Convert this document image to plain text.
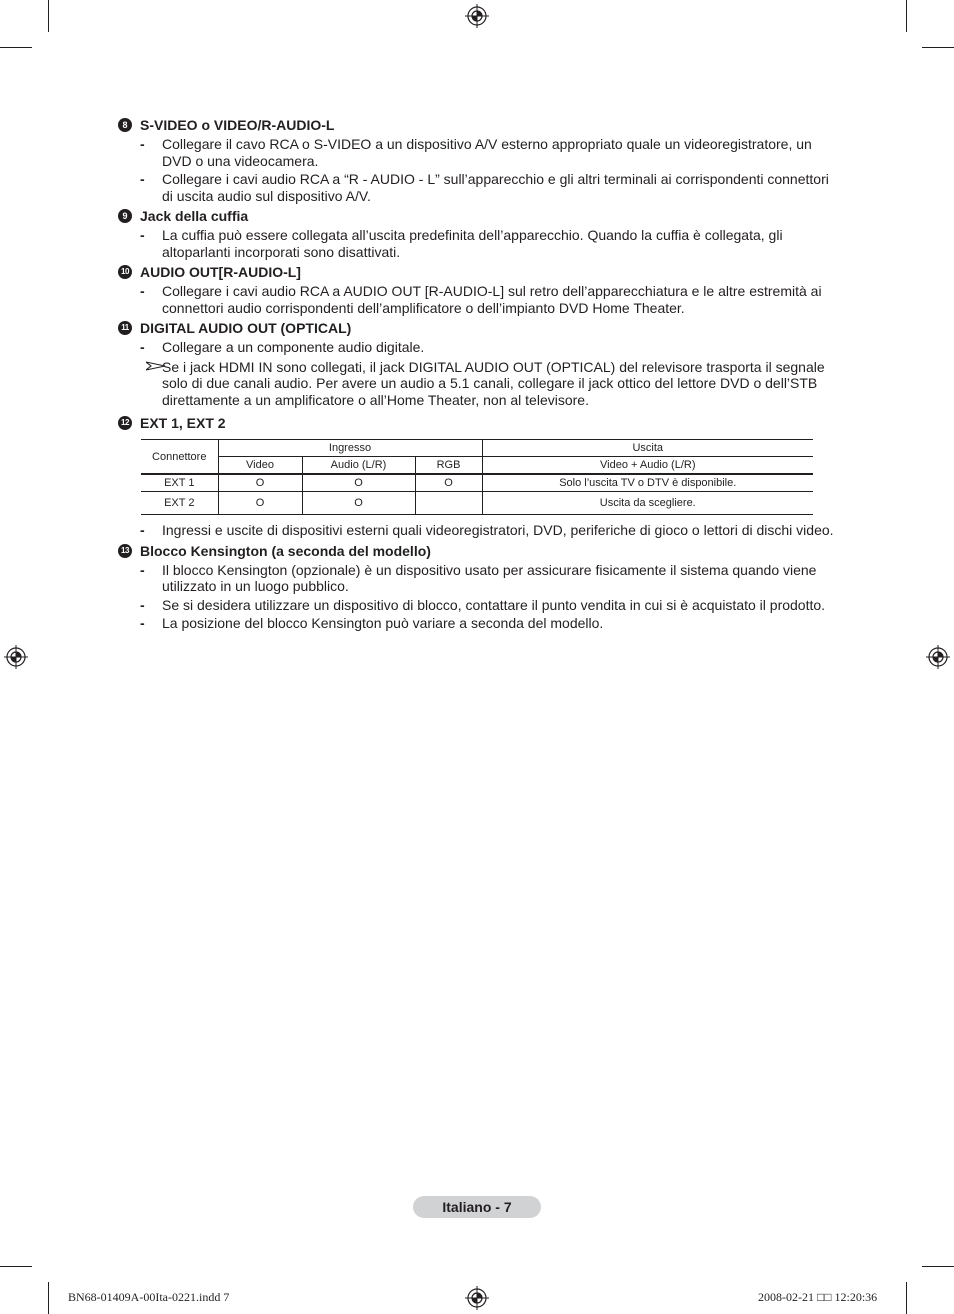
8 S-VIDEO o VIDEO/R-AUDIO-L
-	Collegare il cavo RCA o S-VIDEO a un dispositivo A/V esterno appropriato quale un videoregistratore, un DVD o una videocamera.
-	Collegare i cavi audio RCA a “R - AUDIO - L” sull’apparecchio e gli altri terminali ai corrispondenti connettori di uscita audio sul dispositivo A/V.
9 Jack della cuffia
-	La cuffia può essere collegata all’uscita predefinita dell’apparecchio. Quando la cuffia è collegata, gli altoparlanti incorporati sono disattivati.
10 AUDIO OUT[R-AUDIO-L]
-	Collegare i cavi audio RCA a AUDIO OUT [R-AUDIO-L] sul retro dell’apparecchiatura e le altre estremità ai connettori audio corrispondenti dell’amplificatore o dell’impianto DVD Home Theater.
11 DIGITAL AUDIO OUT (OPTICAL)
-	Collegare a un componente audio digitale.
Se i jack HDMI IN sono collegati, il jack DIGITAL AUDIO OUT (OPTICAL) del relevisore trasporta il segnale solo di due canali audio. Per avere un audio a 5.1 canali, collegare il jack ottico del lettore DVD o dell’STB direttamente a un amplificatore o all’Home Theater, non al televisore.
12 EXT 1, EXT 2
Connettore	Ingresso			Uscita
	Video	Audio (L/R)	RGB	Video + Audio (L/R)
EXT 1	O	O	O	Solo l’uscita TV o DTV è disponibile.
EXT 2	O	O		Uscita da scegliere.
-	Ingressi e uscite di dispositivi esterni quali videoregistratori, DVD, periferiche di gioco o lettori di dischi video.
13 Blocco Kensington (a seconda del modello)
-	Il blocco Kensington (opzionale) è un dispositivo usato per assicurare fisicamente il sistema quando viene utilizzato in un luogo pubblico.
-	Se si desidera utilizzare un dispositivo di blocco, contattare il punto vendita in cui si è acquistato il prodotto.
-	La posizione del blocco Kensington può variare a seconda del modello.
Italiano - 7
BN68-01409A-00Ita-0221.indd 7	2008-02-21 □□ 12:20:36
